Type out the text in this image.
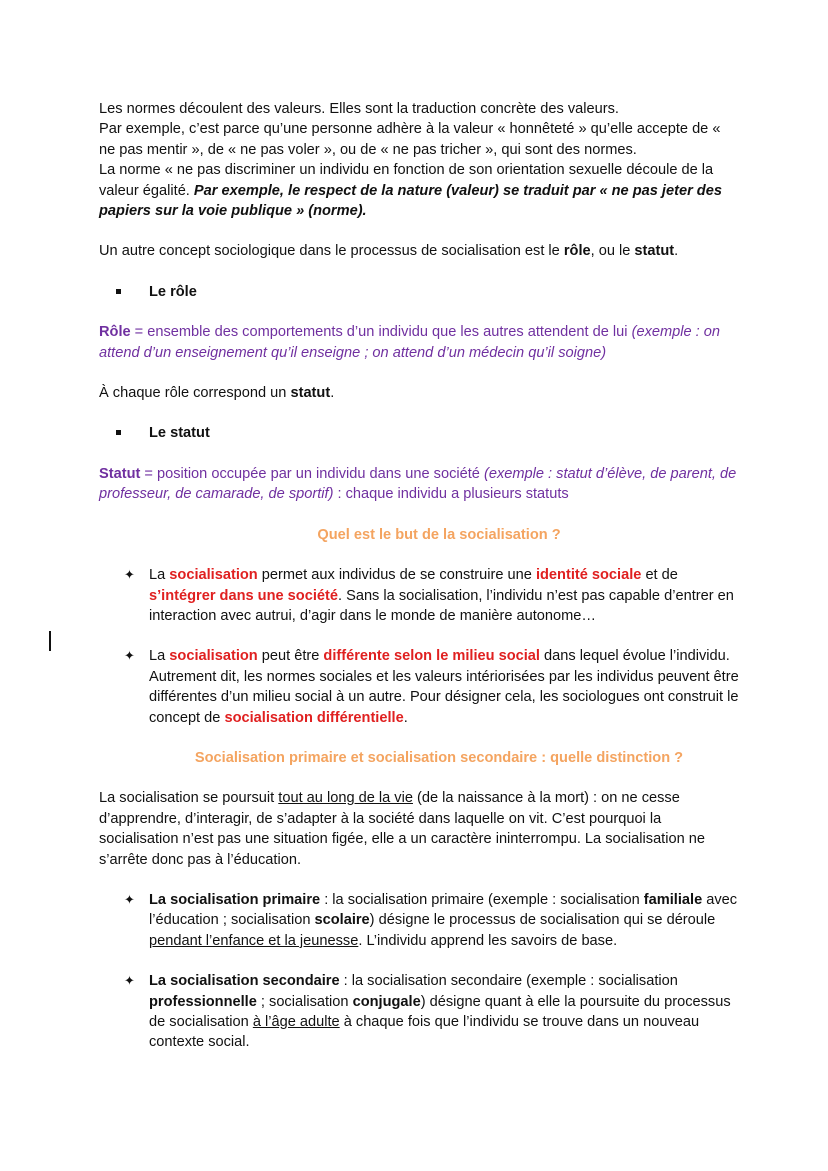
Les normes découlent des valeurs. Elles sont la traduction concrète des valeurs.
Par exemple, c’est parce qu’une personne adhère à la valeur « honnêteté » qu’elle accepte de « ne pas mentir », de « ne pas voler », ou de « ne pas tricher », qui sont des normes.
La norme « ne pas discriminer un individu en fonction de son orientation sexuelle découle de la valeur égalité. Par exemple, le respect de la nature (valeur) se traduit par « ne pas jeter des papiers sur la voie publique » (norme).

Un autre concept sociologique dans le processus de socialisation est le rôle, ou le statut.

Le rôle

Rôle = ensemble des comportements d’un individu que les autres attendent de lui (exemple : on attend d’un enseignement qu’il enseigne ; on attend d’un médecin qu’il soigne)

À chaque rôle correspond un statut.

Le statut

Statut = position occupée par un individu dans une société (exemple : statut d’élève, de parent, de professeur, de camarade, de sportif) : chaque individu a plusieurs statuts

Quel est le but de la socialisation ?

✦ La socialisation permet aux individus de se construire une identité sociale et de s’intégrer dans une société. Sans la socialisation, l’individu n’est pas capable d’entrer en interaction avec autrui, d’agir dans le monde de manière autonome…

✦ La socialisation peut être différente selon le milieu social dans lequel évolue l’individu. Autrement dit, les normes sociales et les valeurs intériorisées par les individus peuvent être différentes d’un milieu social à un autre. Pour désigner cela, les sociologues ont construit le concept de socialisation différentielle.

Socialisation primaire et socialisation secondaire : quelle distinction ?

La socialisation se poursuit tout au long de la vie (de la naissance à la mort) : on ne cesse d’apprendre, d’interagir, de s’adapter à la société dans laquelle on vit. C’est pourquoi la socialisation n’est pas une situation figée, elle a un caractère ininterrompu. La socialisation ne s’arrête donc pas à l’éducation.

✦ La socialisation primaire : la socialisation primaire (exemple : socialisation familiale avec l’éducation ; socialisation scolaire) désigne le processus de socialisation qui se déroule pendant l’enfance et la jeunesse. L’individu apprend les savoirs de base.

✦ La socialisation secondaire : la socialisation secondaire (exemple : socialisation professionnelle ; socialisation conjugale) désigne quant à elle la poursuite du processus de socialisation à l’âge adulte à chaque fois que l’individu se trouve dans un nouveau contexte social.
